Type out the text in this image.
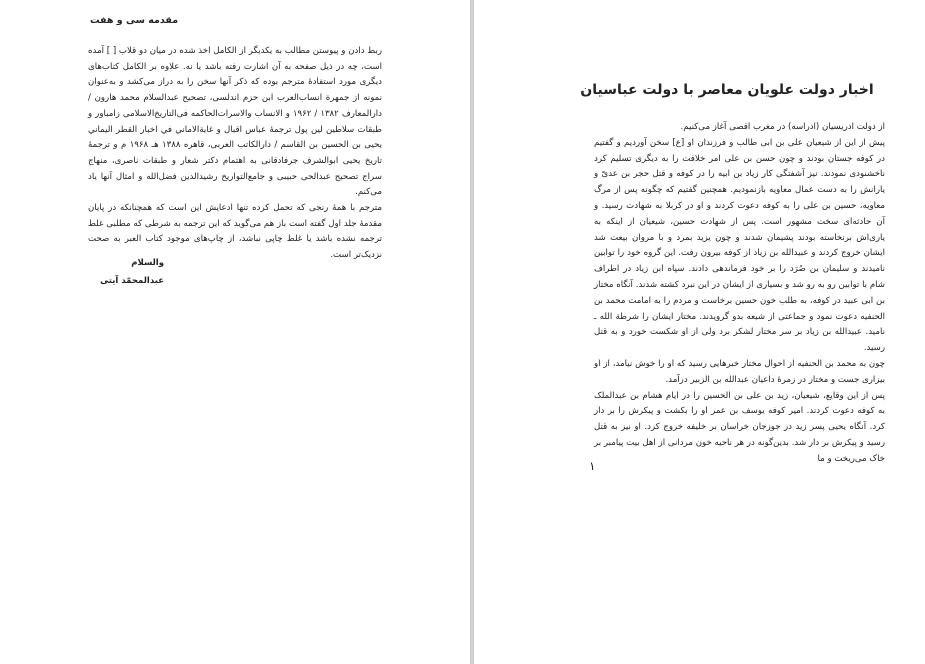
مقدمه سی و هفت

ربط دادن و پیوستن مطالب به یکدیگر از الکامل اخذ شده در میان دو قلاب [ ] آمده است، چه در ذیل صفحه به آن اشارت رفته باشد یا نه. علاوه بر الکامل کتاب‌های دیگری مورد استفادهٔ مترجم بوده که ذکر آنها سخن را به دراز می‌کشد و به‌عنوان نمونه از جمهرة انساب‌العرب ابن حزم اندلسی، تصحیح عبدالسلام محمد هارون / دارالمعارف ۱۳۸۲ / ۱۹۶۲ و الانساب والاسرات‌الحاکمه فی‌التاریخ‌الاسلامی زامباور و طبقات سلاطین لین پول ترجمهٔ عباس اقبال و غایة‌الاماني في اخبار القطر اليماني یحیی بن الحسین بن القاسم / دارالکاتب العربی، قاهره ۱۳۸۸ هـ ۱۹۶۸ م و ترجمهٔ تاریخ یحیی ابوالشرف جرفادقانی به اهتمام دکتر شعار و طبقات ناصری، منهاج سراج تصحیح عبدالحی حبیبی و جامع‌التواریخ رشیدالدین فضل‌الله و امثال آنها یاد می‌کنم.

مترجم با همهٔ رنجی که تحمل کرده تنها ادعایش این است که همچنانکه در پایان مقدمهٔ جلد اول گفته است باز هم می‌گوید که این ترجمه به شرطی که مطلبی غلط ترجمه نشده باشد یا غلط چاپی نباشد، از چاپ‌های موجود کتاب العبر به صحت نزدیک‌تر است.

والسلام
عبدالمحمّد آیتی
اخبار دولت علویان معاصر با دولت عباسیان

از دولت ادریسیان (ادراسه) در مغرب اقصی آغاز می‌کنیم.

پیش از این از شیعیان علی بن ابی طالب و فرزندان او [ع] سخن آوردیم و گفتیم در کوفه جستان بودند و چون حسن بن علی امر خلافت را به دیگری تسلیم کرد ناخشنودی نمودند. نیز آشفتگی کار زیاد بن ابیه را در کوفه و قتل حجر بن عدیّ و یارانش را به دست عمال معاویه بازنمودیم. همچنین گفتیم که چگونه پس از مرگ معاویه، حسین بن علی را به کوفه دعوت کردند و او در کربلا به شهادت رسید. و آن حادثه‌ای سخت مشهور است. پس از شهادت حسین، شیعیان از اینکه به یاری‌اش برنخاسته بودند پشیمان شدند و چون یزید بمرد و با مروان بیعت شد ایشان خروج کردند و عبیدالله بن زیاد از کوفه بیرون رفت. این گروه خود را توابین نامیدند و سلیمان بن صُرَد را بر خود فرماندهی دادند. سپاه ابن زیاد در اطراف شام با توابین رو به رو شد و بسیاری از ایشان در این نبرد کشته شدند. آنگاه مختار بن ابی عبید در کوفه، به طلب خون حسین برخاست و مردم را به امامت محمد بن الحنفیه دعوت نمود و جماعتی از شیعه بدو گرویدند. مختار ایشان را شرطة الله ـ نامید. عبیدالله بن زیاد بر سر مختار لشکر برد ولی از او شکست خورد و به قتل رسید.

چون به محمد بن الحنفیه از احوال مختار خبرهایی رسید که او را خوش نیامد، از او بیزاری جست و مختار در زمرهٔ داعیان عبدالله بن الزبیر درآمد.

پس از این وقایع، شیعیان، زید بن علی بن الحسین را در ایام هشام بن عبدالملک به کوفه دعوت کردند. امیر کوفه یوسف بن عمر او را بکشت و پیکرش را بر دار کرد. آنگاه یحیی پسر زید در جوزجان خراسان بر خلیفه خروج کرد. او نیز به قتل رسید و پیکرش بر دار شد. بدین‌گونه در هر ناحیه خون مردانی از اهل بیت پیامبر بر خاک می‌ریخت و ما

۱
